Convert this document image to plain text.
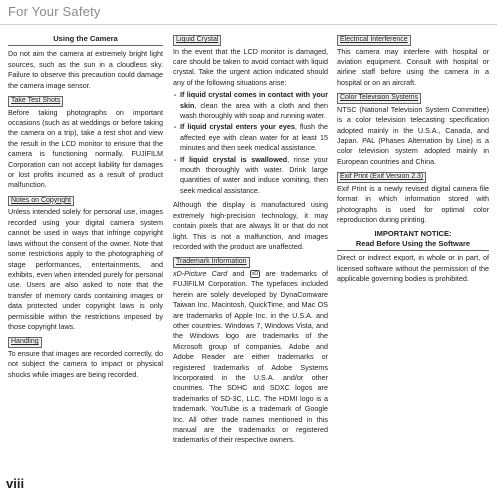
For Your Safety
Using the Camera

Do not aim the camera at extremely bright light sources, such as the sun in a cloudless sky. Failure to observe this precaution could damage the camera image sensor.

Take Test Shots

Before taking photographs on important occasions (such as at weddings or before taking the camera on a trip), take a test shot and view the result in the LCD monitor to ensure that the camera is functioning normally. FUJIFILM Corporation can not accept liability for damages or lost profits incurred as a result of product malfunction.

Notes on Copyright

Unless intended solely for personal use, images recorded using your digital camera system cannot be used in ways that infringe copyright laws without the consent of the owner. Note that some restrictions apply to the photographing of stage performances, entertainments, and exhibits, even when intended purely for personal use. Users are also asked to note that the transfer of memory cards containing images or data protected under copyright laws is only permissible within the restrictions imposed by those copyright laws.

Handling

To ensure that images are recorded correctly, do not subject the camera to impact or physical shocks while images are being recorded.

Liquid Crystal

In the event that the LCD monitor is damaged, care should be taken to avoid contact with liquid crystal. Take the urgent action indicated should any of the following situations arise:

- If liquid crystal comes in contact with your skin, clean the area with a cloth and then wash thoroughly with soap and running water.
- If liquid crystal enters your eyes, flush the affected eye with clean water for at least 15 minutes and then seek medical assistance.
- If liquid crystal is swallowed, rinse your mouth thoroughly with water. Drink large quantities of water and induce vomiting, then seek medical assistance.

Although the display is manufactured using extremely high-precision technology, it may contain pixels that are always lit or that do not light. This is not a malfunction, and images recorded with the product are unaffected.

Trademark Information

xD-Picture Card and xD are trademarks of FUJIFILM Corporation. The typefaces included herein are solely developed by DynaComware Taiwan Inc. Macintosh, QuickTime, and Mac OS are trademarks of Apple Inc. in the U.S.A. and other countries. Windows 7, Windows Vista, and the Windows logo are trademarks of the Microsoft group of companies. Adobe and Adobe Reader are either trademarks or registered trademarks of Adobe Systems Incorporated in the U.S.A. and/or other countries. The SDHC and SDXC logos are trademarks of SD-3C, LLC. The HDMI logo is a trademark. YouTube is a trademark of Google Inc. All other trade names mentioned in this manual are the trademarks or registered trademarks of their respective owners.

Electrical Interference

This camera may interfere with hospital or aviation equipment. Consult with hospital or airline staff before using the camera in a hospital or on an aircraft.

Color Television Systems

NTSC (National Television System Committee) is a color television telecasting specification adopted mainly in the U.S.A., Canada, and Japan. PAL (Phases Alternation by Line) is a color television system adopted mainly in European countries and China.

Exif Print (Exif Version 2.3)

Exif Print is a newly revised digital camera file format in which information stored with photographs is used for optimal color reproduction during printing.

IMPORTANT NOTICE:
Read Before Using the Software

Direct or indirect export, in whole or in part, of licensed software without the permission of the applicable governing bodies is prohibited.

viii
